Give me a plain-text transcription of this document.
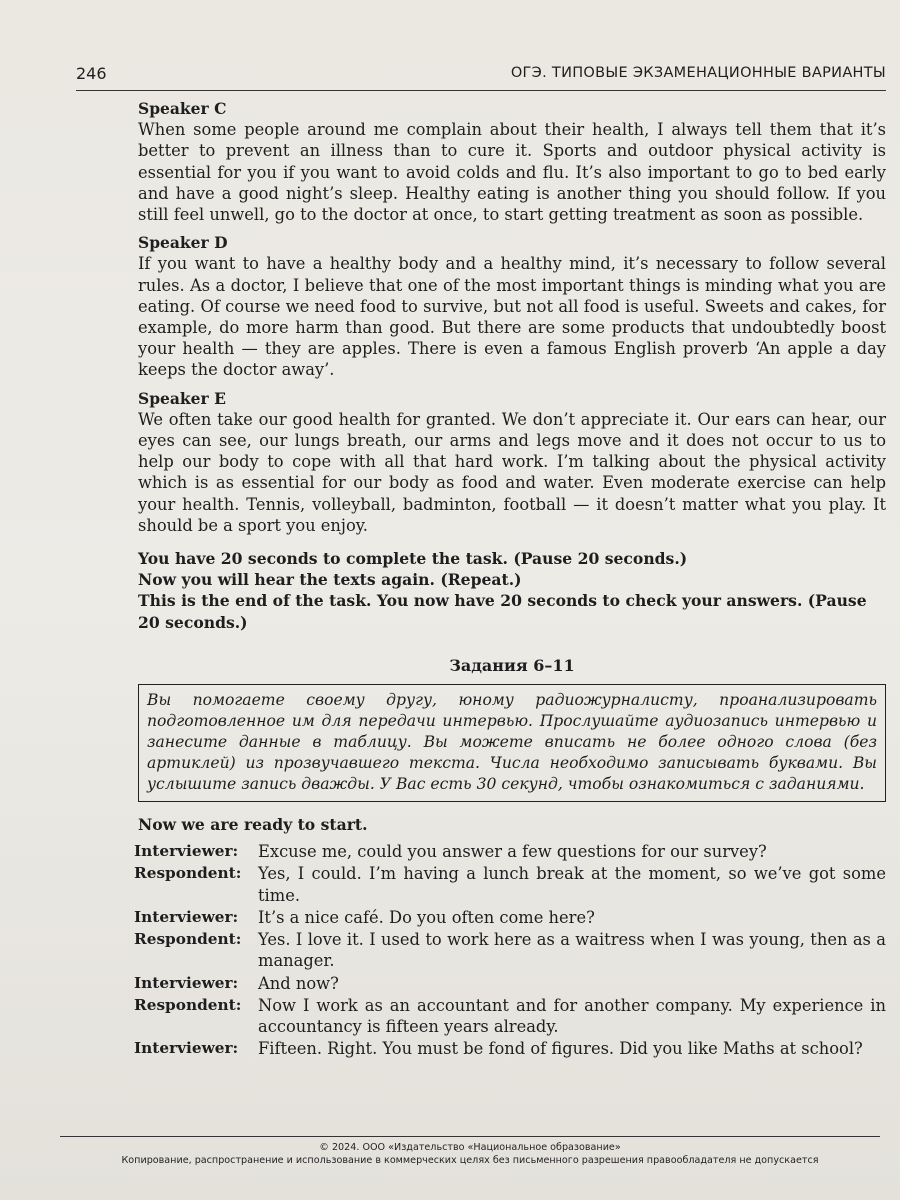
246	ОГЭ. ТИПОВЫЕ ЭКЗАМЕНАЦИОННЫЕ ВАРИАНТЫ
Speaker C
When some people around me complain about their health, I always tell them that it’s better to prevent an illness than to cure it. Sports and outdoor physical activity is essential for you if you want to avoid colds and flu. It’s also important to go to bed early and have a good night’s sleep. Healthy eating is another thing you should follow. If you still feel unwell, go to the doctor at once, to start getting treatment as soon as possible.
Speaker D
If you want to have a healthy body and a healthy mind, it’s necessary to follow several rules. As a doctor, I believe that one of the most important things is minding what you are eating. Of course we need food to survive, but not all food is useful. Sweets and cakes, for example, do more harm than good. But there are some products that undoubtedly boost your health — they are apples. There is even a famous English proverb ‘An apple a day keeps the doctor away’.
Speaker E
We often take our good health for granted. We don’t appreciate it. Our ears can hear, our eyes can see, our lungs breath, our arms and legs move and it does not occur to us to help our body to cope with all that hard work. I’m talking about the physical activity which is as essential for our body as food and water. Even moderate exercise can help your health. Tennis, volleyball, badminton, football — it doesn’t matter what you play. It should be a sport you enjoy.
You have 20 seconds to complete the task. (Pause 20 seconds.)
Now you will hear the texts again. (Repeat.)
This is the end of the task. You now have 20 seconds to check your answers. (Pause 20 seconds.)
Задания 6–11
Вы помогаете своему другу, юному радиожурналисту, проанализировать подготовленное им для передачи интервью. Прослушайте аудиозапись интервью и занесите данные в таблицу. Вы можете вписать не более одного слова (без артиклей) из прозвучавшего текста. Числа необходимо записывать буквами. Вы услышите запись дважды. У Вас есть 30 секунд, чтобы ознакомиться с заданиями.
Now we are ready to start.
Interviewer:	Excuse me, could you answer a few questions for our survey?
Respondent:	Yes, I could. I’m having a lunch break at the moment, so we’ve got some time.
Interviewer:	It’s a nice café. Do you often come here?
Respondent:	Yes. I love it. I used to work here as a waitress when I was young, then as a manager.
Interviewer:	And now?
Respondent:	Now I work as an accountant and for another company. My experience in accountancy is fifteen years already.
Interviewer:	Fifteen. Right. You must be fond of figures. Did you like Maths at school?
© 2024. ООО «Издательство «Национальное образование»
Копирование, распространение и использование в коммерческих целях без письменного разрешения правообладателя не допускается
